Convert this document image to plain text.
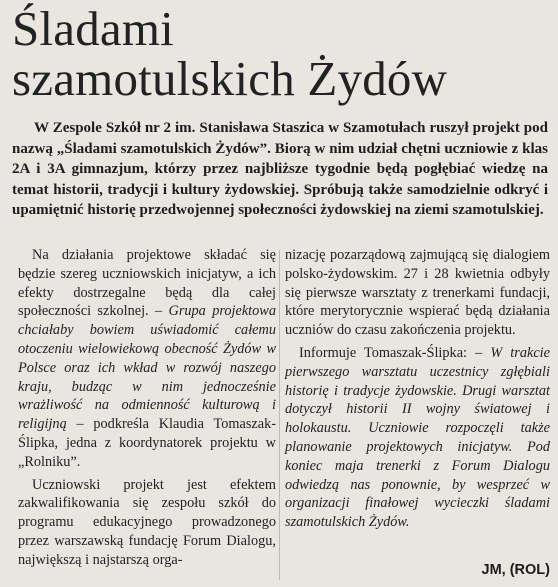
Śladami
szamotulskich Żydów

W Zespole Szkół nr 2 im. Stanisława Staszica w Szamotułach ruszył projekt pod nazwą „Śladami szamotulskich Żydów”. Biorą w nim udział chętni uczniowie z klas 2A i 3A gimnazjum, którzy przez najbliższe tygodnie będą pogłębiać wiedzę na temat historii, tradycji i kultury żydowskiej. Spróbują także samodzielnie odkryć i upamiętnić historię przedwojennej społeczności żydowskiej na ziemi szamotulskiej.

Na działania projektowe składać się będzie szereg uczniowskich inicjatyw, a ich efekty dostrzegalne będą dla całej społeczności szkolnej. – Grupa projektowa chciałaby bowiem uświadomić całemu otoczeniu wielowiekową obecność Żydów w Polsce oraz ich wkład w rozwój naszego kraju, budząc w nim jednocześnie wrażliwość na odmienność kulturową i religijną – podkreśla Klaudia Tomaszak-Ślipka, jedna z koordynatorek projektu w „Rolniku”.

Uczniowski projekt jest efektem zakwalifikowania się zespołu szkół do programu edukacyjnego prowadzonego przez warszawską fundację Forum Dialogu, największą i najstarszą orga-

nizację pozarządową zajmującą się dialogiem polsko-żydowskim. 27 i 28 kwietnia odbyły się pierwsze warsztaty z trenerkami fundacji, które merytorycznie wspierać będą działania uczniów do czasu zakończenia projektu.

Informuje Tomaszak-Ślipka: – W trakcie pierwszego warsztatu uczestnicy zgłębiali historię i tradycje żydowskie. Drugi warsztat dotyczył historii II wojny światowej i holokaustu. Uczniowie rozpoczęli także planowanie projektowych inicjatyw. Pod koniec maja trenerki z Forum Dialogu odwiedzą nas ponownie, by wesprzeć w organizacji finałowej wycieczki śladami szamotulskich Żydów.

JM, (ROL)
